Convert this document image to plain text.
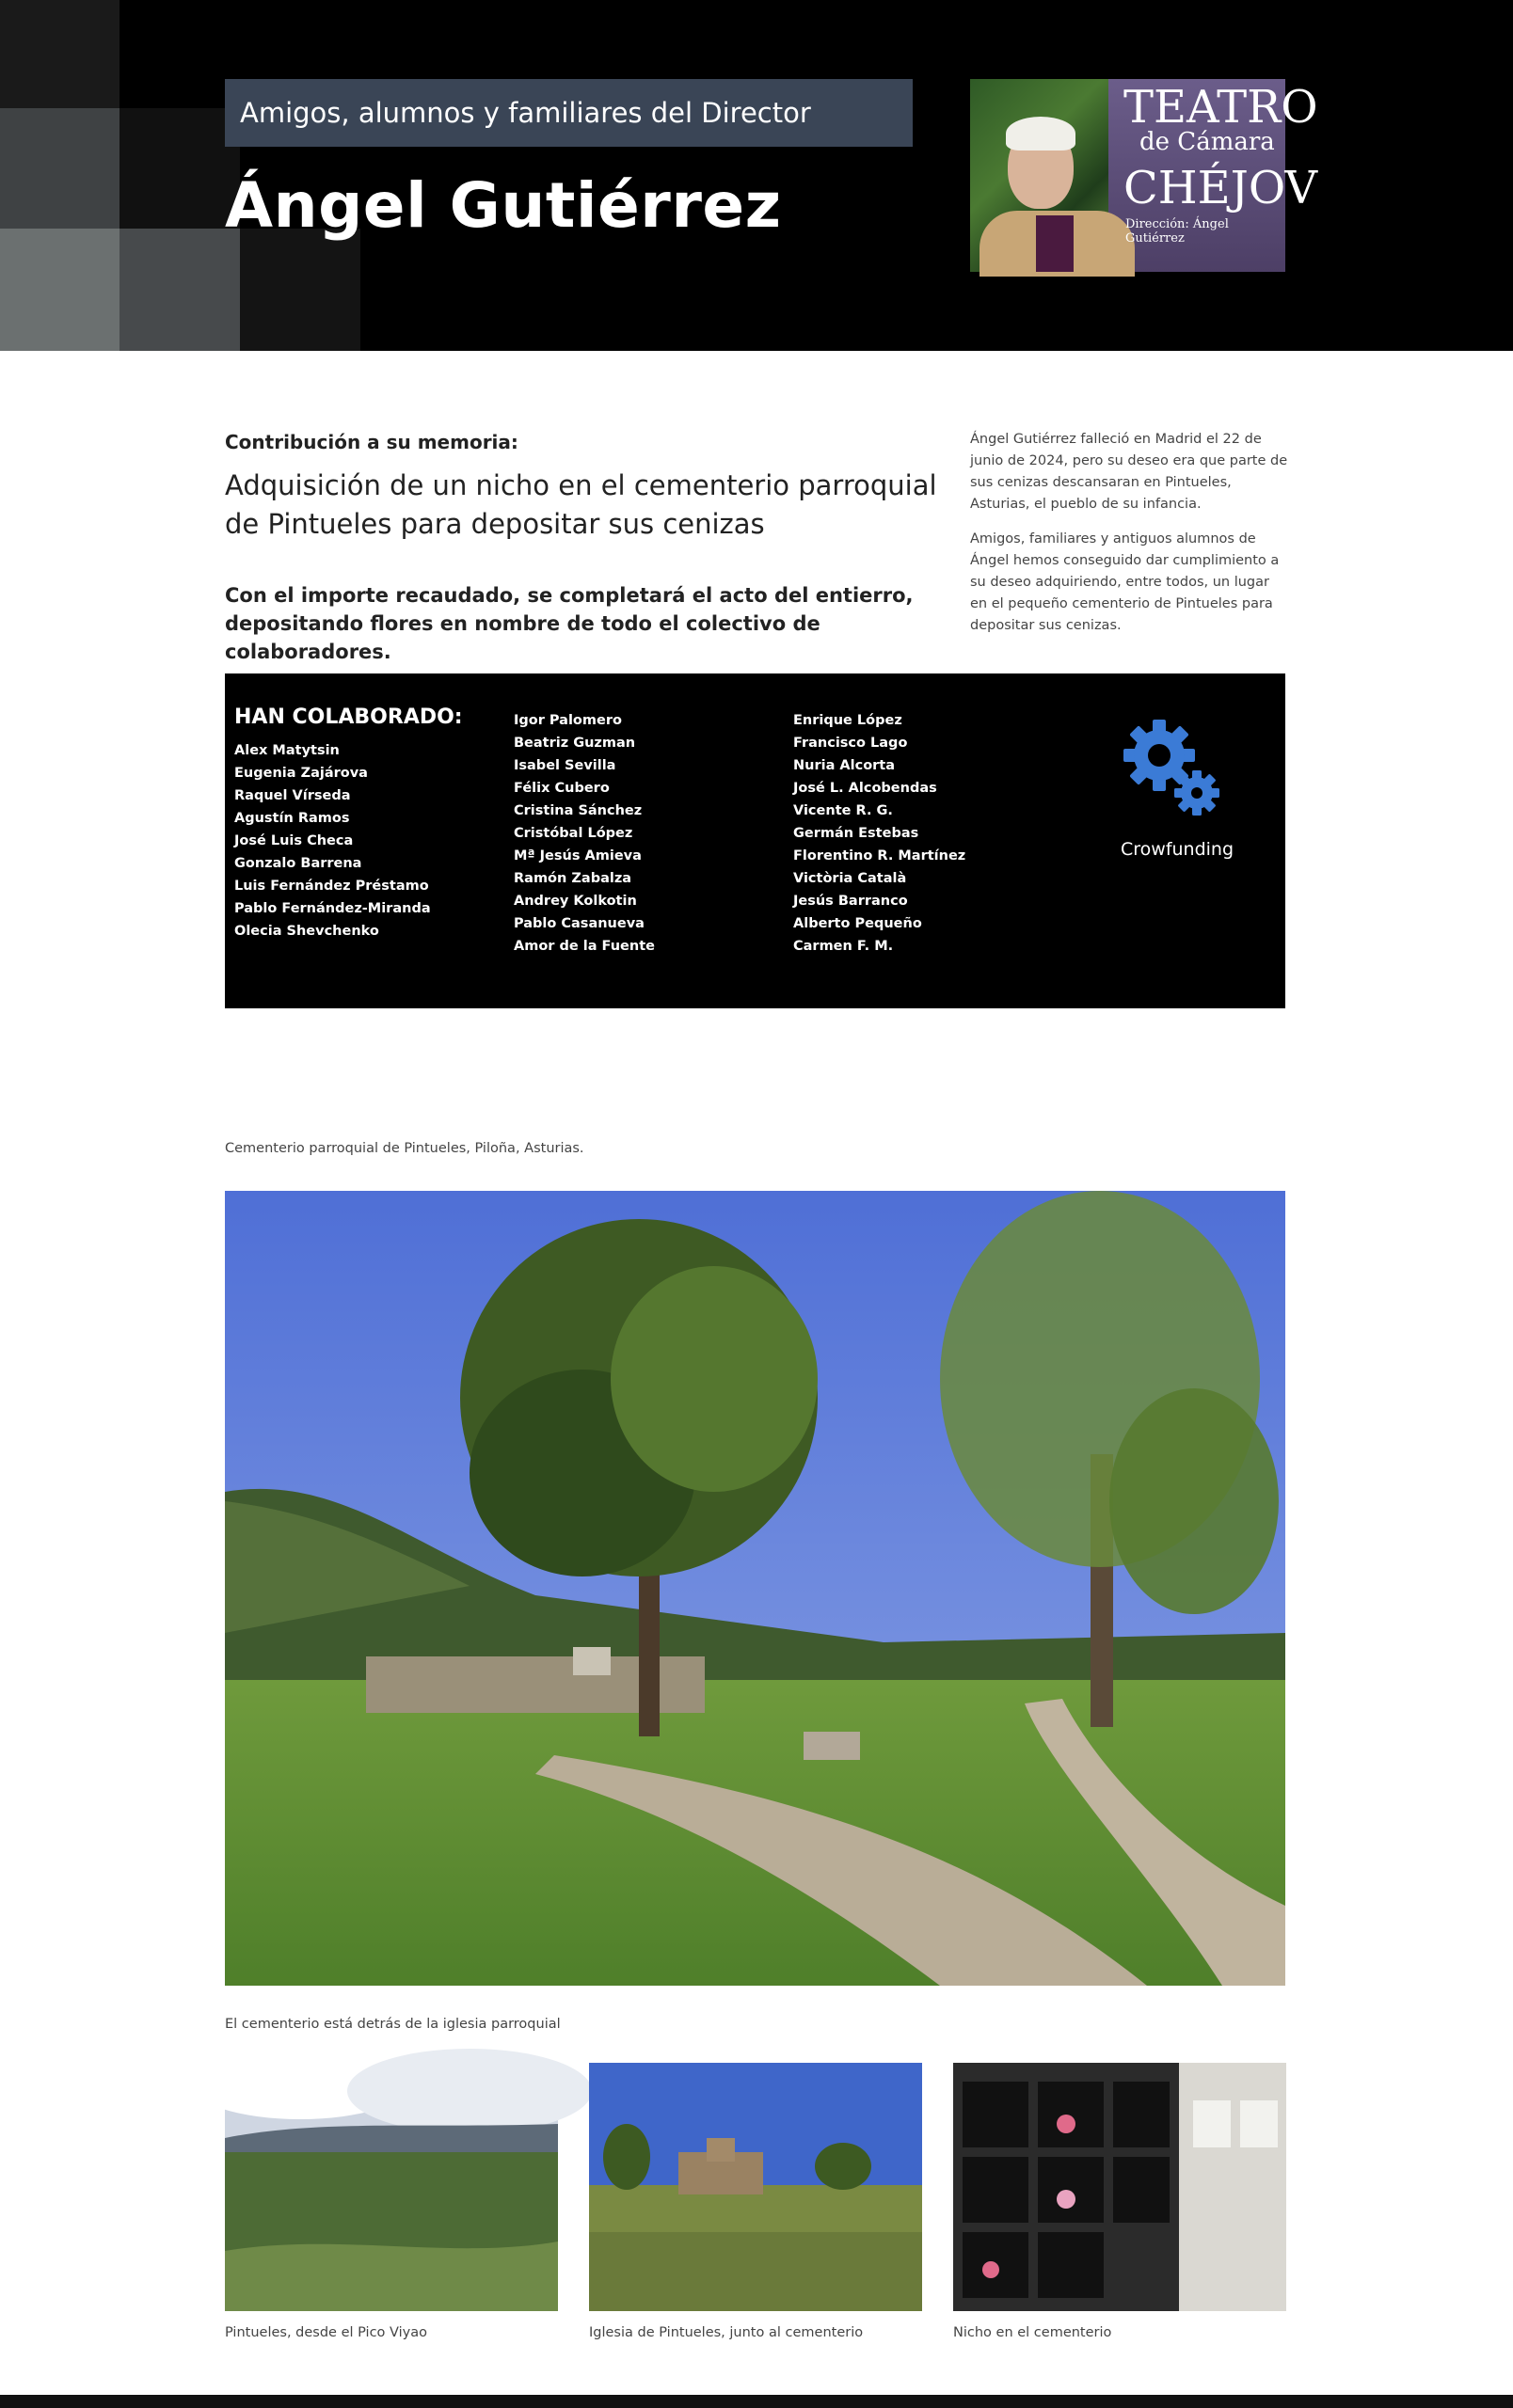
Amigos, alumnos y familiares del Director
Ángel Gutiérrez
TEATRO
de Cámara
CHÉJOV
Dirección: Ángel Gutiérrez
Contribución a su memoria:
Adquisición de un nicho en el cementerio parroquial de Pintueles para depositar sus cenizas
Con el importe recaudado, se completará el acto del entierro, depositando flores en nombre de todo el colectivo de colaboradores.

Ángel Gutiérrez falleció en Madrid el 22 de junio de 2024, pero su deseo era que parte de sus cenizas descansaran en Pintueles, Asturias, el pueblo de su infancia.

Amigos, familiares y antiguos alumnos de Ángel hemos conseguido dar cumplimiento a su deseo adquiriendo, entre todos, un lugar en el pequeño cementerio de Pintueles para depositar sus cenizas.

HAN COLABORADO:
Alex Matytsin
Eugenia Zajárova
Raquel Vírseda
Agustín Ramos
José Luis Checa
Gonzalo Barrena
Luis Fernández Préstamo
Pablo Fernández-Miranda
Olecia Shevchenko
Igor Palomero
Beatriz Guzman
Isabel Sevilla
Félix Cubero
Cristina Sánchez
Cristóbal López
Mª Jesús Amieva
Ramón Zabalza
Andrey Kolkotin
Pablo Casanueva
Amor de la Fuente
Enrique López
Francisco Lago
Nuria Alcorta
José L. Alcobendas
Vicente R. G.
Germán Estebas
Florentino R. Martínez
Victòria Català
Jesús Barranco
Alberto Pequeño
Carmen F. M.
Crowfunding
Cementerio parroquial de Pintueles, Piloña, Asturias.
El cementerio está detrás de la iglesia parroquial
Pintueles, desde el Pico Viyao	Iglesia de Pintueles, junto al cementerio	Nicho en el cementerio
